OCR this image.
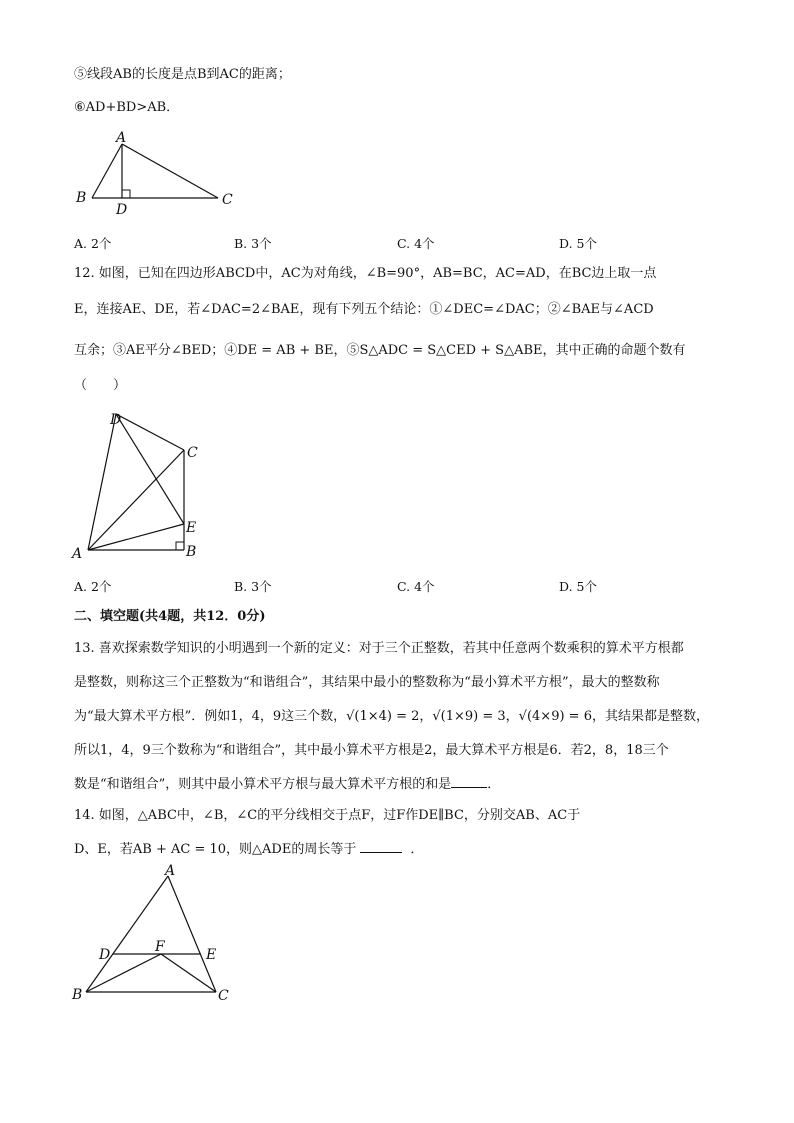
⑤线段AB的长度是点B到AC的距离；
⑥AD+BD>AB．
A
B	C
D
A. 2个	B. 3个	C. 4个	D. 5个
12. 如图，已知在四边形ABCD中，AC为对角线，∠B=90°，AB=BC，AC=AD，在BC边上取一点
E，连接AE、DE，若∠DAC=2∠BAE，现有下列五个结论：①∠DEC=∠DAC；②∠BAE与∠ACD
互余；③AE平分∠BED；④DE = AB + BE，⑤S△ADC = S△CED + S△ABE，其中正确的命题个数有
（　　）
D
C
E
B
A
A. 2个	B. 3个	C. 4个	D. 5个
二、填空题(共4题，共12．0分)
13. 喜欢探索数学知识的小明遇到一个新的定义：对于三个正整数，若其中任意两个数乘积的算术平方根都
是整数，则称这三个正整数为“和谐组合”，其结果中最小的整数称为“最小算术平方根”，最大的整数称
为“最大算术平方根”．例如1，4，9这三个数，√(1×4) = 2，√(1×9) = 3，√(4×9) = 6，其结果都是整数，
所以1，4，9三个数称为“和谐组合”，其中最小算术平方根是2，最大算术平方根是6．若2，8，18三个
数是“和谐组合”，则其中最小算术平方根与最大算术平方根的和是	．
14. 如图，△ABC中，∠B，∠C的平分线相交于点F，过F作DE∥BC，分别交AB、AC于
D、E，若AB + AC = 10，则△ADE的周长等于	．
A
D	F	E
B	C
